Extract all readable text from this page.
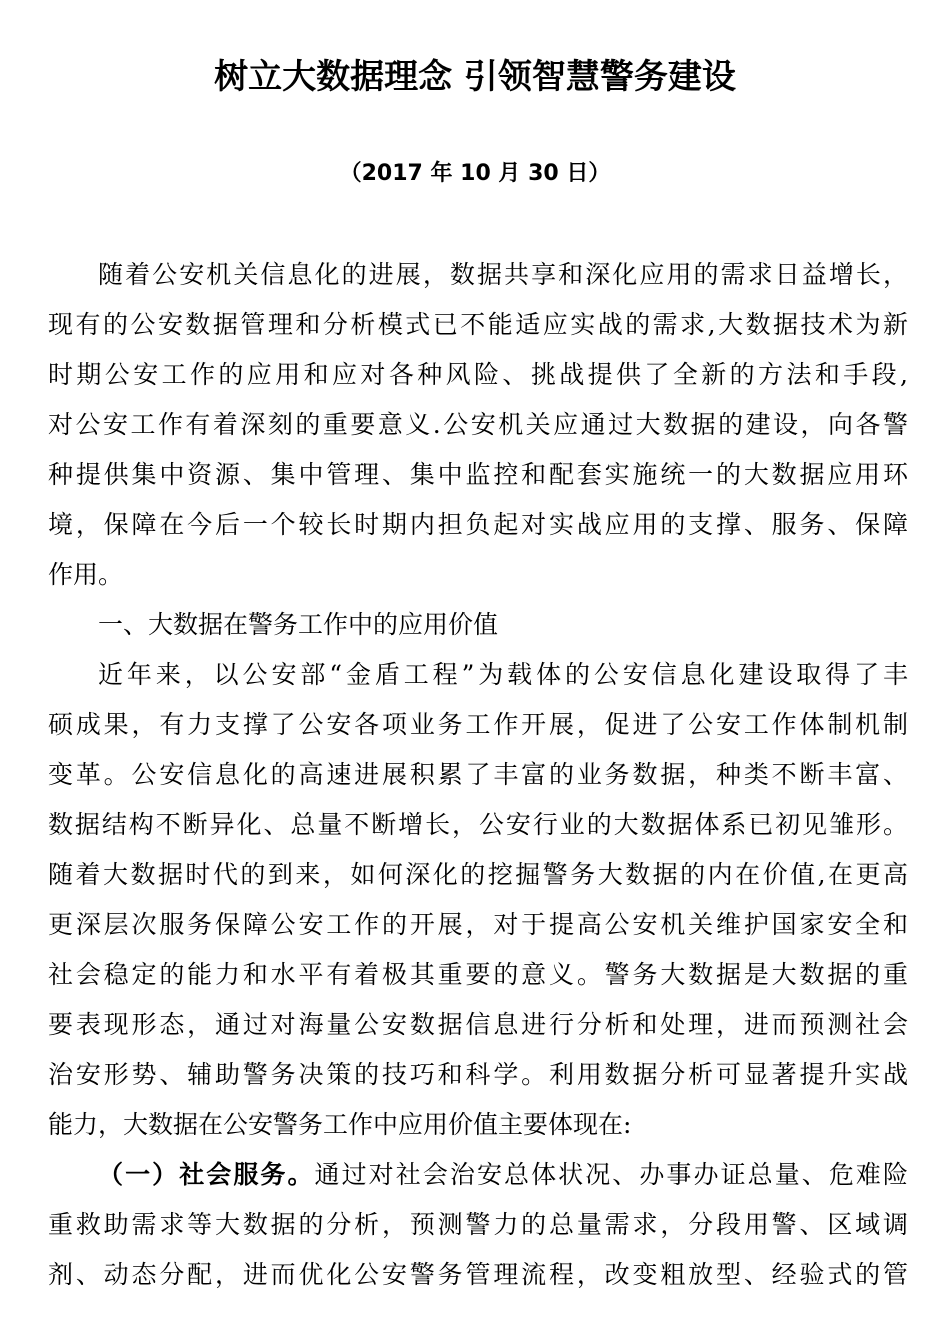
树立大数据理念 引领智慧警务建设
（2017 年 10 月 30 日）
随着公安机关信息化的进展，数据共享和深化应用的需求日益增长，
现有的公安数据管理和分析模式已不能适应实战的需求,大数据技术为新
时期公安工作的应用和应对各种风险、挑战提供了全新的方法和手段,
对公安工作有着深刻的重要意义.公安机关应通过大数据的建设，向各警
种提供集中资源、集中管理、集中监控和配套实施统一的大数据应用环
境，保障在今后一个较长时期内担负起对实战应用的支撑、服务、保障
作用。
一、大数据在警务工作中的应用价值
近年来，以公安部“金盾工程”为载体的公安信息化建设取得了丰
硕成果，有力支撑了公安各项业务工作开展，促进了公安工作体制机制
变革。公安信息化的高速进展积累了丰富的业务数据，种类不断丰富、
数据结构不断异化、总量不断增长，公安行业的大数据体系已初见雏形。
随着大数据时代的到来，如何深化的挖掘警务大数据的内在价值,在更高
更深层次服务保障公安工作的开展，对于提高公安机关维护国家安全和
社会稳定的能力和水平有着极其重要的意义。警务大数据是大数据的重
要表现形态，通过对海量公安数据信息进行分析和处理，进而预测社会
治安形势、辅助警务决策的技巧和科学。利用数据分析可显著提升实战
能力，大数据在公安警务工作中应用价值主要体现在:
（一）社会服务。通过对社会治安总体状况、办事办证总量、危难险
重救助需求等大数据的分析，预测警力的总量需求，分段用警、区域调
剂、动态分配，进而优化公安警务管理流程，改变粗放型、经验式的管
